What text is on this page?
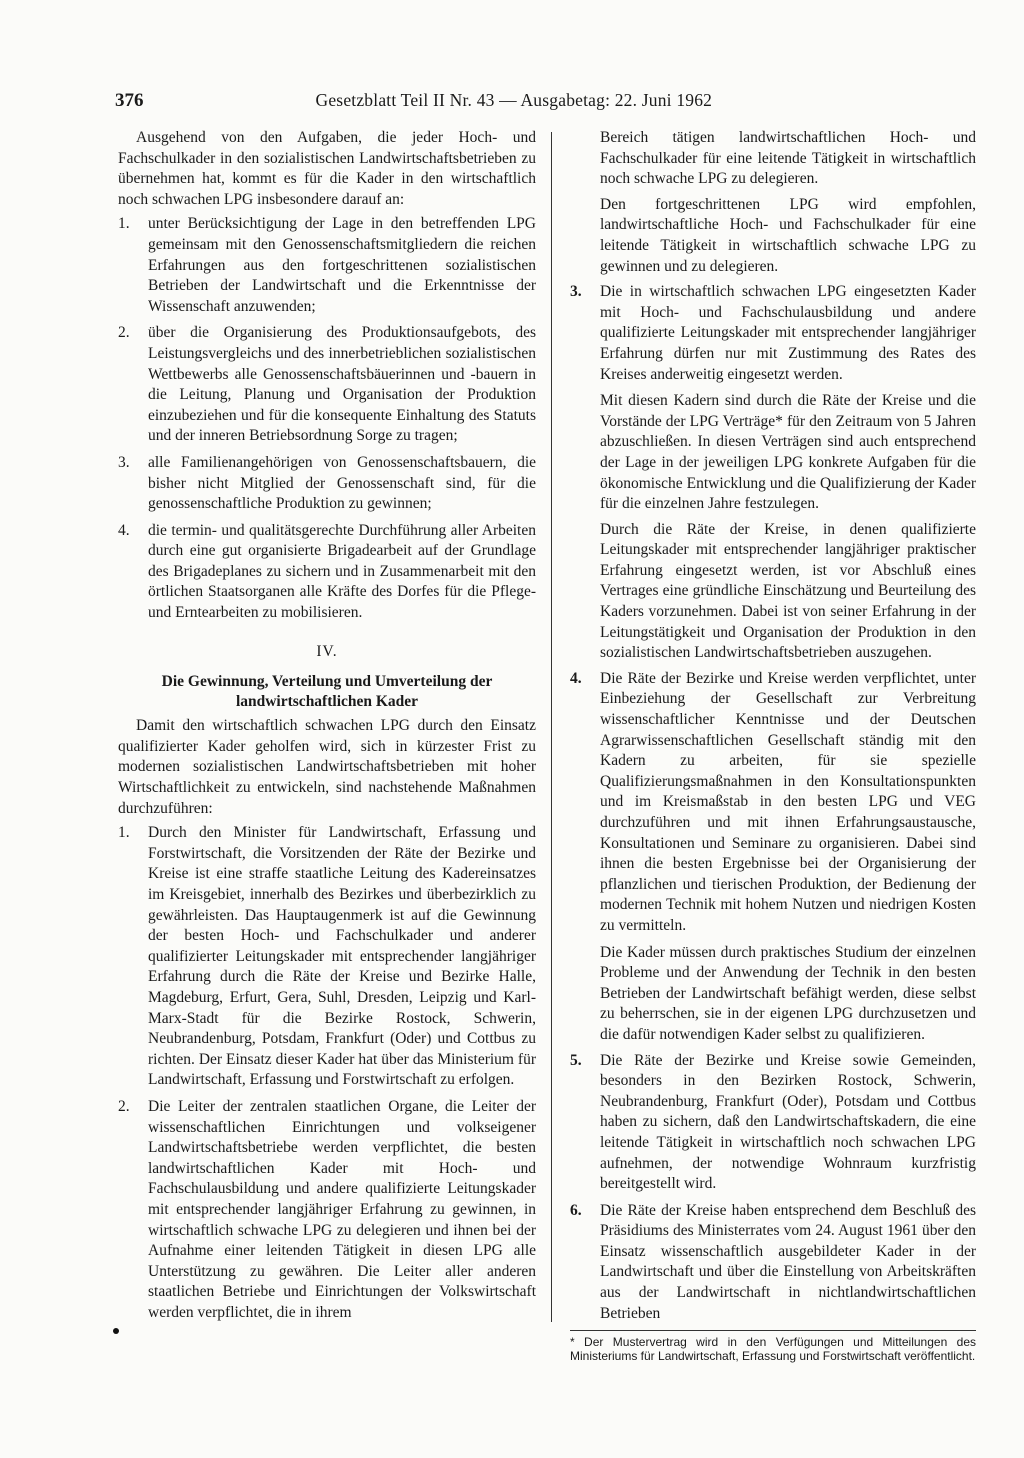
376	Gesetzblatt Teil II Nr. 43 — Ausgabetag: 22. Juni 1962

Ausgehend von den Aufgaben, die jeder Hoch- und Fachschulkader in den sozialistischen Landwirtschaftsbetrieben zu übernehmen hat, kommt es für die Kader in den wirtschaftlich noch schwachen LPG insbesondere darauf an:

1.	unter Berücksichtigung der Lage in den betreffenden LPG gemeinsam mit den Genossenschaftsmitgliedern die reichen Erfahrungen aus den fortgeschrittenen sozialistischen Betrieben der Landwirtschaft und die Erkenntnisse der Wissenschaft anzuwenden;
2.	über die Organisierung des Produktionsaufgebots, des Leistungsvergleichs und des innerbetrieblichen sozialistischen Wettbewerbs alle Genossenschaftsbäuerinnen und -bauern in die Leitung, Planung und Organisation der Produktion einzubeziehen und für die konsequente Einhaltung des Statuts und der inneren Betriebsordnung Sorge zu tragen;
3.	alle Familienangehörigen von Genossenschaftsbauern, die bisher nicht Mitglied der Genossenschaft sind, für die genossenschaftliche Produktion zu gewinnen;
4.	die termin- und qualitätsgerechte Durchführung aller Arbeiten durch eine gut organisierte Brigadearbeit auf der Grundlage des Brigadeplanes zu sichern und in Zusammenarbeit mit den örtlichen Staatsorganen alle Kräfte des Dorfes für die Pflege- und Erntearbeiten zu mobilisieren.
IV.
Die Gewinnung, Verteilung und Umverteilung der
landwirtschaftlichen Kader

Damit den wirtschaftlich schwachen LPG durch den Einsatz qualifizierter Kader geholfen wird, sich in kürzester Frist zu modernen sozialistischen Landwirtschaftsbetrieben mit hoher Wirtschaftlichkeit zu entwickeln, sind nachstehende Maßnahmen durchzuführen:

1.	Durch den Minister für Landwirtschaft, Erfassung und Forstwirtschaft, die Vorsitzenden der Räte der Bezirke und Kreise ist eine straffe staatliche Leitung des Kadereinsatzes im Kreisgebiet, innerhalb des Bezirkes und überbezirklich zu gewährleisten. Das Hauptaugenmerk ist auf die Gewinnung der besten Hoch- und Fachschulkader und anderer qualifizierter Leitungskader mit entsprechender langjähriger Erfahrung durch die Räte der Kreise und Bezirke Halle, Magdeburg, Erfurt, Gera, Suhl, Dresden, Leipzig und Karl-Marx-Stadt für die Bezirke Rostock, Schwerin, Neubrandenburg, Potsdam, Frankfurt (Oder) und Cottbus zu richten. Der Einsatz dieser Kader hat über das Ministerium für Landwirtschaft, Erfassung und Forstwirtschaft zu erfolgen.
2.	Die Leiter der zentralen staatlichen Organe, die Leiter der wissenschaftlichen Einrichtungen und volkseigener Landwirtschaftsbetriebe werden verpflichtet, die besten landwirtschaftlichen Kader mit Hoch- und Fachschulausbildung und andere qualifizierte Leitungskader mit entsprechender langjähriger Erfahrung zu gewinnen, in wirtschaftlich schwache LPG zu delegieren und ihnen bei der Aufnahme einer leitenden Tätigkeit in diesen LPG alle Unterstützung zu gewähren. Die Leiter aller anderen staatlichen Betriebe und Einrichtungen der Volkswirtschaft werden verpflichtet, die in ihrem

Bereich tätigen landwirtschaftlichen Hoch- und Fachschulkader für eine leitende Tätigkeit in wirtschaftlich noch schwache LPG zu delegieren.

Den fortgeschrittenen LPG wird empfohlen, landwirtschaftliche Hoch- und Fachschulkader für eine leitende Tätigkeit in wirtschaftlich schwache LPG zu gewinnen und zu delegieren.

3.	Die in wirtschaftlich schwachen LPG eingesetzten Kader mit Hoch- und Fachschulausbildung und andere qualifizierte Leitungskader mit entsprechender langjähriger Erfahrung dürfen nur mit Zustimmung des Rates des Kreises anderweitig eingesetzt werden.

Mit diesen Kadern sind durch die Räte der Kreise und die Vorstände der LPG Verträge* für den Zeitraum von 5 Jahren abzuschließen. In diesen Verträgen sind auch entsprechend der Lage in der jeweiligen LPG konkrete Aufgaben für die ökonomische Entwicklung und die Qualifizierung der Kader für die einzelnen Jahre festzulegen.

Durch die Räte der Kreise, in denen qualifizierte Leitungskader mit entsprechender langjähriger praktischer Erfahrung eingesetzt werden, ist vor Abschluß eines Vertrages eine gründliche Einschätzung und Beurteilung des Kaders vorzunehmen. Dabei ist von seiner Erfahrung in der Leitungstätigkeit und Organisation der Produktion in den sozialistischen Landwirtschaftsbetrieben auszugehen.

4.	Die Räte der Bezirke und Kreise werden verpflichtet, unter Einbeziehung der Gesellschaft zur Verbreitung wissenschaftlicher Kenntnisse und der Deutschen Agrarwissenschaftlichen Gesellschaft ständig mit den Kadern zu arbeiten, für sie spezielle Qualifizierungsmaßnahmen in den Konsultationspunkten und im Kreismaßstab in den besten LPG und VEG durchzuführen und mit ihnen Erfahrungsaustausche, Konsultationen und Seminare zu organisieren. Dabei sind ihnen die besten Ergebnisse bei der Organisierung der pflanzlichen und tierischen Produktion, der Bedienung der modernen Technik mit hohem Nutzen und niedrigen Kosten zu vermitteln.

Die Kader müssen durch praktisches Studium der einzelnen Probleme und der Anwendung der Technik in den besten Betrieben der Landwirtschaft befähigt werden, diese selbst zu beherrschen, sie in der eigenen LPG durchzusetzen und die dafür notwendigen Kader selbst zu qualifizieren.

5.	Die Räte der Bezirke und Kreise sowie Gemeinden, besonders in den Bezirken Rostock, Schwerin, Neubrandenburg, Frankfurt (Oder), Potsdam und Cottbus haben zu sichern, daß den Landwirtschaftskadern, die eine leitende Tätigkeit in wirtschaftlich noch schwachen LPG aufnehmen, der notwendige Wohnraum kurzfristig bereitgestellt wird.
6.	Die Räte der Kreise haben entsprechend dem Beschluß des Präsidiums des Ministerrates vom 24. August 1961 über den Einsatz wissenschaftlich ausgebildeter Kader in der Landwirtschaft und über die Einstellung von Arbeitskräften aus der Landwirtschaft in nichtlandwirtschaftlichen Betrieben
* Der Mustervertrag wird in den Verfügungen und Mitteilungen des Ministeriums für Landwirtschaft, Erfassung und Forstwirtschaft veröffentlicht.
